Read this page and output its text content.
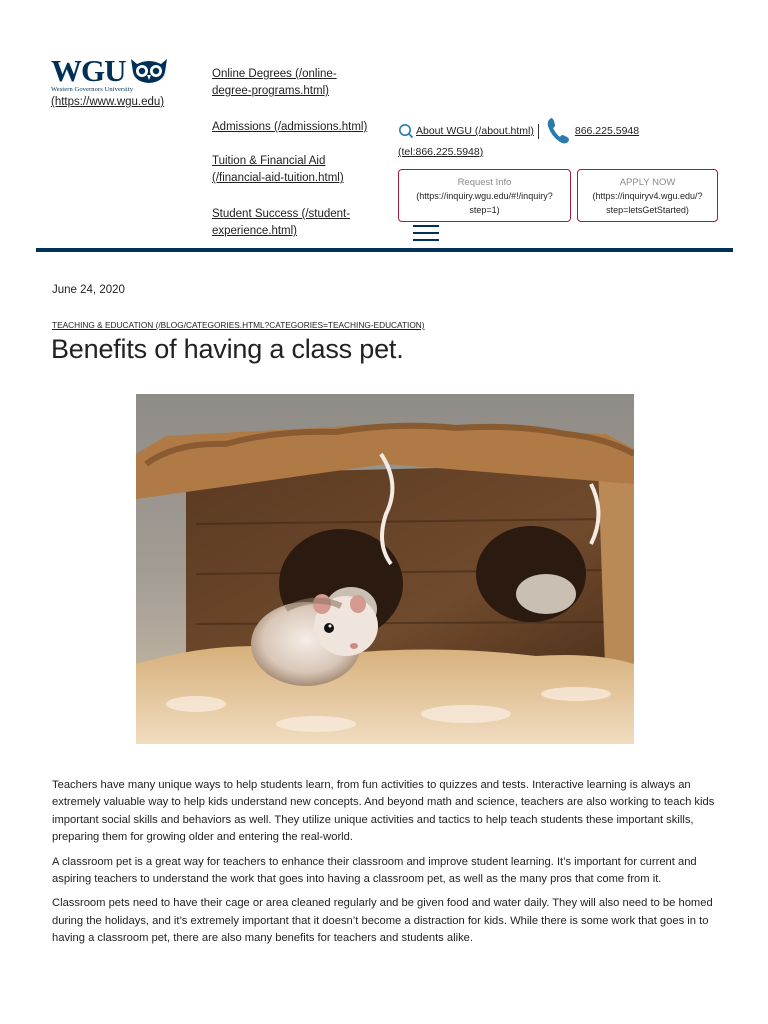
WGU
Western Governors University
(https://www.wgu.edu)
Online Degrees (/online-degree-programs.html)
Admissions (/admissions.html)
Tuition & Financial Aid (/financial-aid-tuition.html)
Student Success (/student-experience.html)
About WGU (/about.html)	866.225.5948
(tel:866.225.5948)
Request Info
(https://inquiry.wgu.edu/#!/inquiry?step=1)
APPLY NOW
(https://inquiryv4.wgu.edu/?step=letsGetStarted)
June 24, 2020
TEACHING & EDUCATION (/BLOG/CATEGORIES.HTML?CATEGORIES=TEACHING-EDUCATION)
Benefits of having a class pet.

Teachers have many unique ways to help students learn, from fun activities to quizzes and tests. Interactive learning is always an extremely valuable way to help kids understand new concepts. And beyond math and science, teachers are also working to teach kids important social skills and behaviors as well. They utilize unique activities and tactics to help teach students these important skills, preparing them for growing older and entering the real-world.

A classroom pet is a great way for teachers to enhance their classroom and improve student learning. It’s important for current and aspiring teachers to understand the work that goes into having a classroom pet, as well as the many pros that come from it.

Classroom pets need to have their cage or area cleaned regularly and be given food and water daily. They will also need to be homed during the holidays, and it’s extremely important that it doesn’t become a distraction for kids. While there is some work that goes in to having a classroom pet, there are also many benefits for teachers and students alike.
